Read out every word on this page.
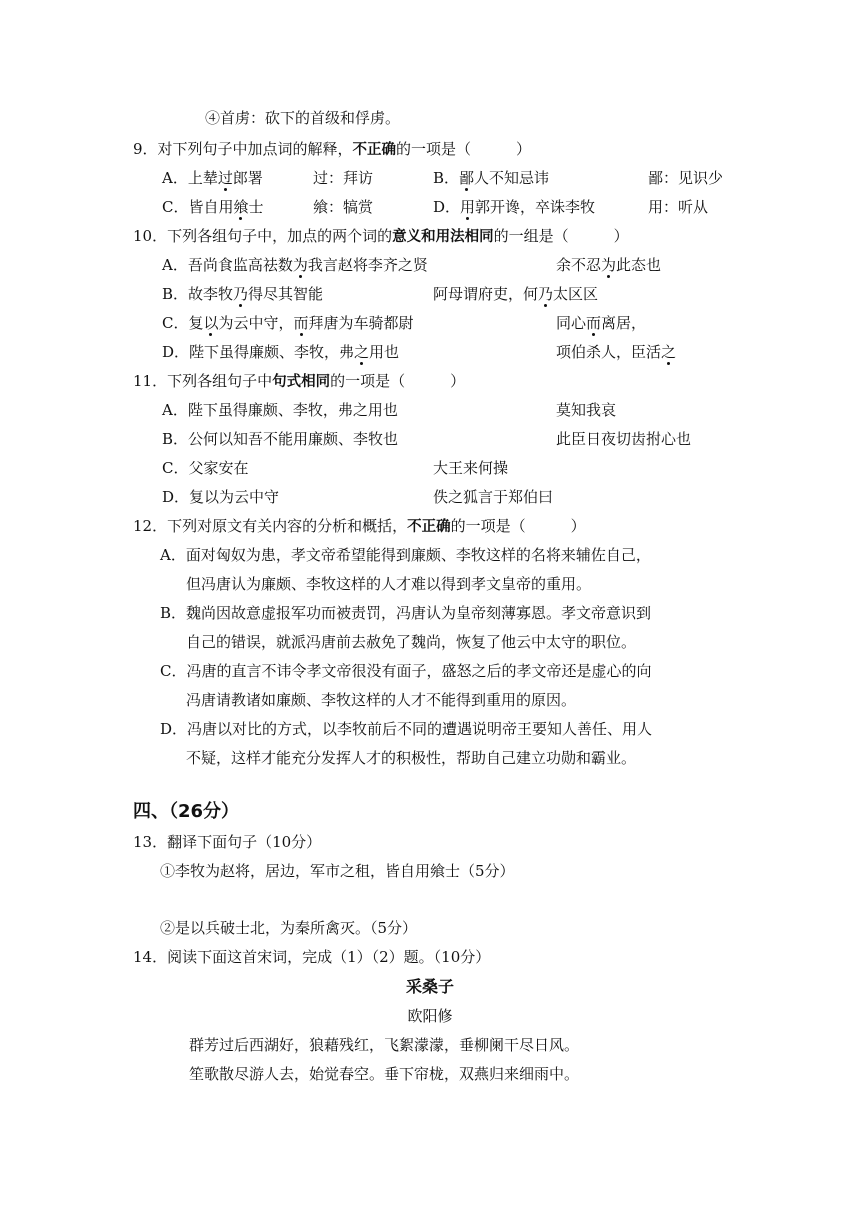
④首虏：砍下的首级和俘虏。
9．对下列句子中加点词的解释，不正确的一项是（　　　）
A．上辇过郎署	过：拜访	B．鄙人不知忌讳	鄙：见识少
C．皆自用飨士	飨：犒赏	D．用郭开谗，卒诛李牧	用：听从
10．下列各组句子中，加点的两个词的意义和用法相同的一组是（　　　）
A．吾尚食监高祛数为我言赵将李齐之贤	余不忍为此态也
B．故李牧乃得尽其智能	阿母谓府吏，何乃太区区
C．复以为云中守，而拜唐为车骑都尉	同心而离居，
D．陛下虽得廉颇、李牧，弗之用也	项伯杀人，臣活之
11．下列各组句子中句式相同的一项是（　　　）
A．陛下虽得廉颇、李牧，弗之用也	莫知我哀
B．公何以知吾不能用廉颇、李牧也	此臣日夜切齿拊心也
C．父家安在	大王来何操
D．复以为云中守	佚之狐言于郑伯曰
12．下列对原文有关内容的分析和概括，不正确的一项是（　　　）
A．面对匈奴为患，孝文帝希望能得到廉颇、李牧这样的名将来辅佐自己，
但冯唐认为廉颇、李牧这样的人才难以得到孝文皇帝的重用。
B．魏尚因故意虚报军功而被责罚，冯唐认为皇帝刻薄寡恩。孝文帝意识到
自己的错误，就派冯唐前去赦免了魏尚，恢复了他云中太守的职位。
C．冯唐的直言不讳令孝文帝很没有面子，盛怒之后的孝文帝还是虚心的向
冯唐请教诸如廉颇、李牧这样的人才不能得到重用的原因。
D．冯唐以对比的方式，以李牧前后不同的遭遇说明帝王要知人善任、用人
不疑，这样才能充分发挥人才的积极性，帮助自己建立功勋和霸业。
四、（26分）
13．翻译下面句子（10分）
①李牧为赵将，居边，军市之租，皆自用飨士（5分）
②是以兵破士北，为秦所禽灭。（5分）
14．阅读下面这首宋词，完成（1）（2）题。（10分）
采桑子
欧阳修
群芳过后西湖好，狼藉残红，飞絮濛濛，垂柳阑干尽日风。
笙歌散尽游人去，始觉春空。垂下帘栊，双燕归来细雨中。
